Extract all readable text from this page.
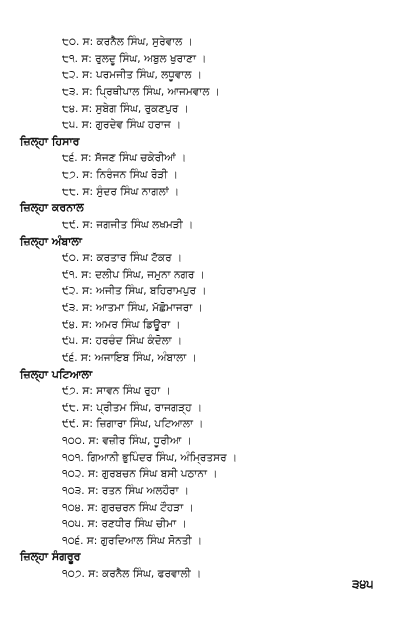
੮੦. ਸ: ਕਰਨੈਲ ਸਿੰਘ, ਸੁਰੇਵਾਲ ।
੮੧. ਸ: ਰੁਲਦੂ ਸਿੰਘ, ਅਬੁਲ ਖੁਰਾਣਾ ।
੮੨. ਸ: ਪਰਮਜੀਤ ਸਿੰਘ, ਲਧੂਵਾਲ ।
੮੩. ਸ: ਪ੍ਰਿਥੀਪਾਲ ਸਿੰਘ, ਆਜਮਵਾਲ ।
੮੪. ਸ: ਸੁਬੇਗ ਸਿੰਘ, ਰੁਕਣਪੁਰ ।
੮੫. ਸ: ਗੁਰਦੇਵ ਸਿੰਘ ਹਰਾਜ ।
ਜ਼ਿਲ੍ਹਾ ਹਿਸਾਰ
੮੬. ਸ: ਸੱਜਣ ਸਿੰਘ ਚਕੇਰੀਆਂ ।
੮੭. ਸ: ਨਿਰੰਜਨ ਸਿੰਘ ਰੋੜੀ ।
੮੮. ਸ: ਸੁੰਦਰ ਸਿੰਘ ਨਾਗਲਾਂ ।
ਜ਼ਿਲ੍ਹਾ ਕਰਨਾਲ
੮੯. ਸ: ਜਗਜੀਤ ਸਿੰਘ ਲਖਮੜੀ ।
ਜ਼ਿਲ੍ਹਾ ਅੰਬਾਲਾ
੯੦. ਸ: ਕਰਤਾਰ ਸਿੰਘ ਟੱਕਰ ।
੯੧. ਸ: ਦਲੀਪ ਸਿੰਘ, ਜਮੁਨਾ ਨਗਰ ।
੯੨. ਸ: ਅਜੀਤ ਸਿੰਘ, ਬਹਿਰਾਮਪੁਰ ।
੯੩. ਸ: ਆਤਮਾ ਸਿੰਘ, ਮੱਛੋਮਾਜਰਾ ।
੯੪. ਸ: ਅਮਰ ਸਿੰਘ ਡਿਊਰਾ ।
੯੫. ਸ: ਹਰਚੰਦ ਸਿੰਘ ਕੰਦੋਲਾ ।
੯੬. ਸ: ਅਜਾਇਬ ਸਿੰਘ, ਅੰਬਾਲਾ ।
ਜ਼ਿਲ੍ਹਾ ਪਟਿਆਲਾ
੯੭. ਸ: ਸਾਵਨ ਸਿੰਘ ਰੁਹਾ ।
੯੮. ਸ: ਪ੍ਰੀਤਮ ਸਿੰਘ, ਰਾਜਗੜ੍ਹ ।
੯੯. ਸ: ਜ਼ਿਗਾਰਾ ਸਿੰਘ, ਪਟਿਆਲਾ ।
੧੦੦. ਸ: ਵਜ਼ੀਰ ਸਿੰਘ, ਧੂਰੀਆ ।
੧੦੧. ਗਿਆਨੀ ਭੁਪਿੰਦਰ ਸਿੰਘ, ਅੰਮ੍ਰਿਤਸਰ ।
੧੦੨. ਸ: ਗੁਰਬਚਨ ਸਿੰਘ ਬਸੀ ਪਠਾਨਾ ।
੧੦੩. ਸ: ਰਤਨ ਸਿੰਘ ਅਲਹੌਰਾ ।
੧੦੪. ਸ: ਗੁਰਚਰਨ ਸਿੰਘ ਟੌਹੜਾ ।
੧੦੫. ਸ: ਰਣਧੀਰ ਸਿੰਘ ਚੀਮਾ ।
੧੦੬. ਸ: ਗੁਰਦਿਆਲ ਸਿੰਘ ਸੋਨਤੀ ।
ਜ਼ਿਲ੍ਹਾ ਸੰਗਰੂਰ
੧੦੭. ਸ: ਕਰਨੈਲ ਸਿੰਘ, ਫਰਵਾਲੀ ।
੩੪੫
